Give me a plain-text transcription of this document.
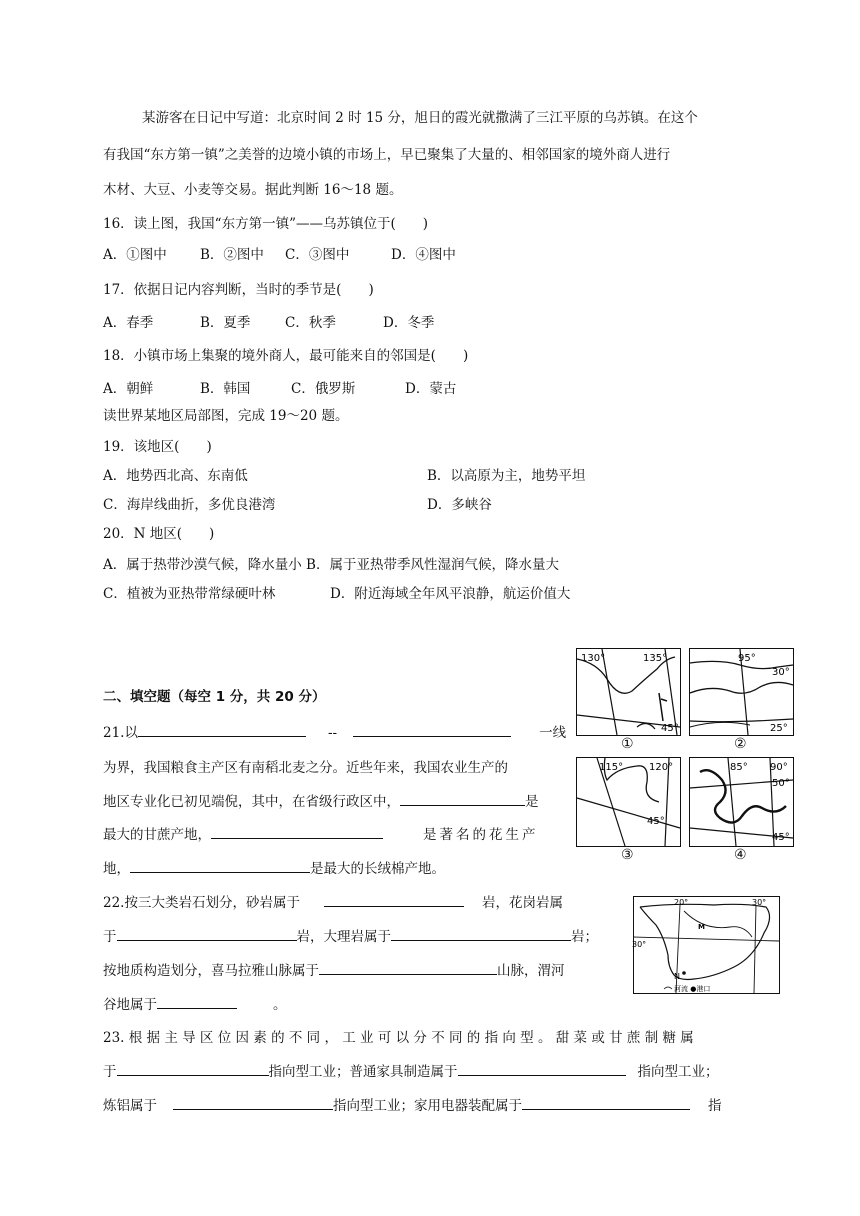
某游客在日记中写道：北京时间 2 时 15 分，旭日的霞光就撒满了三江平原的乌苏镇。在这个
有我国“东方第一镇”之美誉的边境小镇的市场上，早已聚集了大量的、相邻国家的境外商人进行
木材、大豆、小麦等交易。据此判断 16～18 题。
16．读上图，我国“东方第一镇”——乌苏镇位于(　　)
A．①图中 B．②图中 C．③图中	D．④图中
17．依据日记内容判断，当时的季节是(　　)
A．春季	B．夏季	C．秋季	D．冬季
18．小镇市场上集聚的境外商人，最可能来自的邻国是(　　)
A．朝鲜	B．韩国	C．俄罗斯	D．蒙古
读世界某地区局部图，完成 19～20 题。
19．该地区(　　)
A．地势西北高、东南低	B．以高原为主，地势平坦
C．海岸线曲折，多优良港湾	D．多峡谷
20．N 地区(　　)
A．属于热带沙漠气候，降水量小 B．属于亚热带季风性湿润气候，降水量大
C．植被为亚热带常绿硬叶林	D．附近海域全年风平浪静，航运价值大
二、填空题（每空 1 分，共 20 分）
21.以	--	一线
为界，我国粮食主产区有南稻北麦之分。近些年来，我国农业生产的
地区专业化已初见端倪，其中，在省级行政区中，	是
最大的甘蔗产地，	是著名的花生产
地，	是最大的长绒棉产地。
22.按三大类岩石划分，砂岩属于	岩，花岗岩属
于	岩，大理岩属于	岩；
按地质构造划分，喜马拉雅山脉属于	山脉，渭河
谷地属于	。
23. 根 据 主 导 区 位 因 素 的 不 同 ， 工 业 可 以 分 不 同 的 指 向 型 。 甜 菜 或 甘 蔗 制 糖 属
于	指向型工业；普通家具制造属于	指向型工业；
炼铝属于	指向型工业；家用电器装配属于	指
130°	135°
45°
①
95°
30°
25°
②
115°	120°
45°
③
85° 90°
50°
45°
④
20°	30°
30°
M
N
河流 ●港口
